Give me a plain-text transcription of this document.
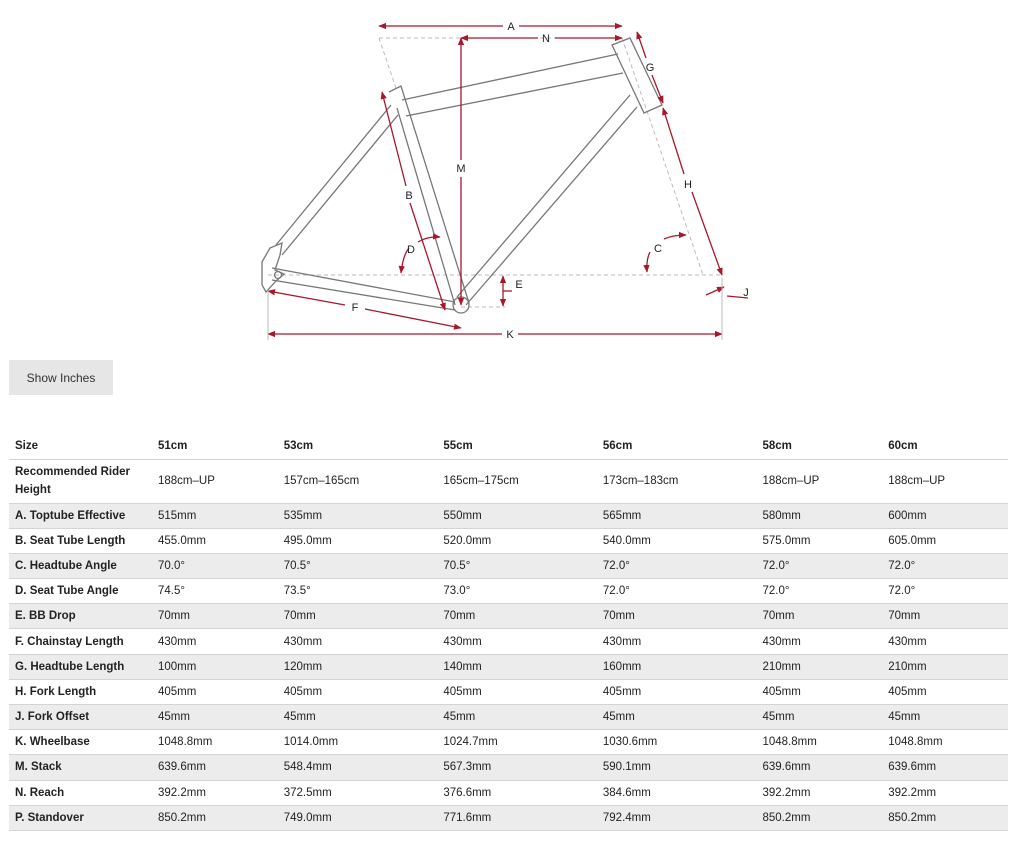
A
N
G
M
B
H
D	C
E
J
F
K
Show Inches
Size	51cm	53cm	55cm	56cm	58cm	60cm
Recommended Rider Height	188cm–UP	157cm–165cm	165cm–175cm	173cm–183cm	188cm–UP	188cm–UP
A. Toptube Effective	515mm	535mm	550mm	565mm	580mm	600mm
B. Seat Tube Length	455.0mm	495.0mm	520.0mm	540.0mm	575.0mm	605.0mm
C. Headtube Angle	70.0°	70.5°	70.5°	72.0°	72.0°	72.0°
D. Seat Tube Angle	74.5°	73.5°	73.0°	72.0°	72.0°	72.0°
E. BB Drop	70mm	70mm	70mm	70mm	70mm	70mm
F. Chainstay Length	430mm	430mm	430mm	430mm	430mm	430mm
G. Headtube Length	100mm	120mm	140mm	160mm	210mm	210mm
H. Fork Length	405mm	405mm	405mm	405mm	405mm	405mm
J. Fork Offset	45mm	45mm	45mm	45mm	45mm	45mm
K. Wheelbase	1048.8mm	1014.0mm	1024.7mm	1030.6mm	1048.8mm	1048.8mm
M. Stack	639.6mm	548.4mm	567.3mm	590.1mm	639.6mm	639.6mm
N. Reach	392.2mm	372.5mm	376.6mm	384.6mm	392.2mm	392.2mm
P. Standover	850.2mm	749.0mm	771.6mm	792.4mm	850.2mm	850.2mm
